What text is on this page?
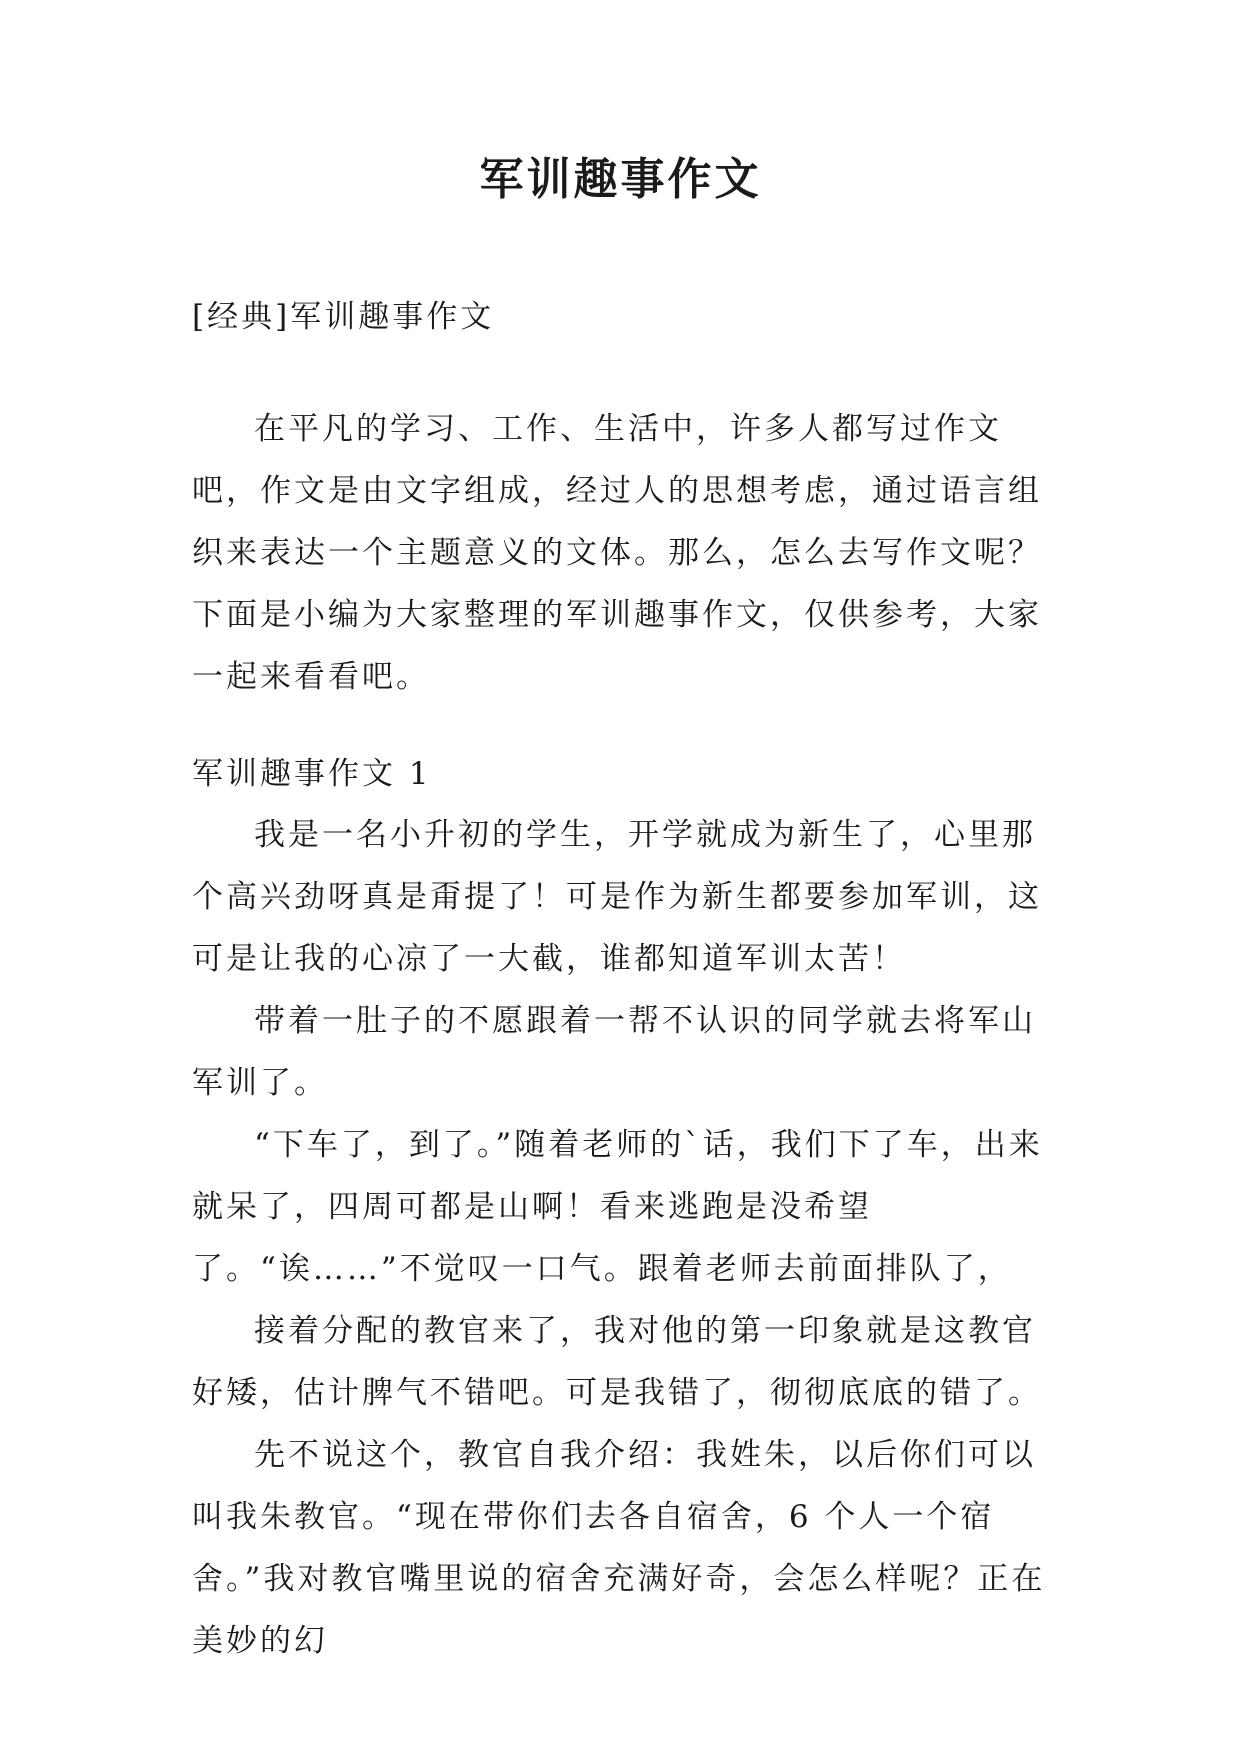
军训趣事作文
[经典]军训趣事作文

在平凡的学习、工作、生活中，许多人都写过作文吧，作文是由文字组成，经过人的思想考虑，通过语言组织来表达一个主题意义的文体。那么，怎么去写作文呢？下面是小编为大家整理的军训趣事作文，仅供参考，大家一起来看看吧。

军训趣事作文 1

我是一名小升初的学生，开学就成为新生了，心里那个高兴劲呀真是甭提了！可是作为新生都要参加军训，这可是让我的心凉了一大截，谁都知道军训太苦！

带着一肚子的不愿跟着一帮不认识的同学就去将军山军训了。

“下车了，到了。”随着老师的`话，我们下了车，出来就呆了，四周可都是山啊！看来逃跑是没希望了。“诶……”不觉叹一口气。跟着老师去前面排队了，

接着分配的教官来了，我对他的第一印象就是这教官好矮，估计脾气不错吧。可是我错了，彻彻底底的错了。

先不说这个，教官自我介绍：我姓朱，以后你们可以叫我朱教官。“现在带你们去各自宿舍，6 个人一个宿舍。”我对教官嘴里说的宿舍充满好奇，会怎么样呢？正在美妙的幻
